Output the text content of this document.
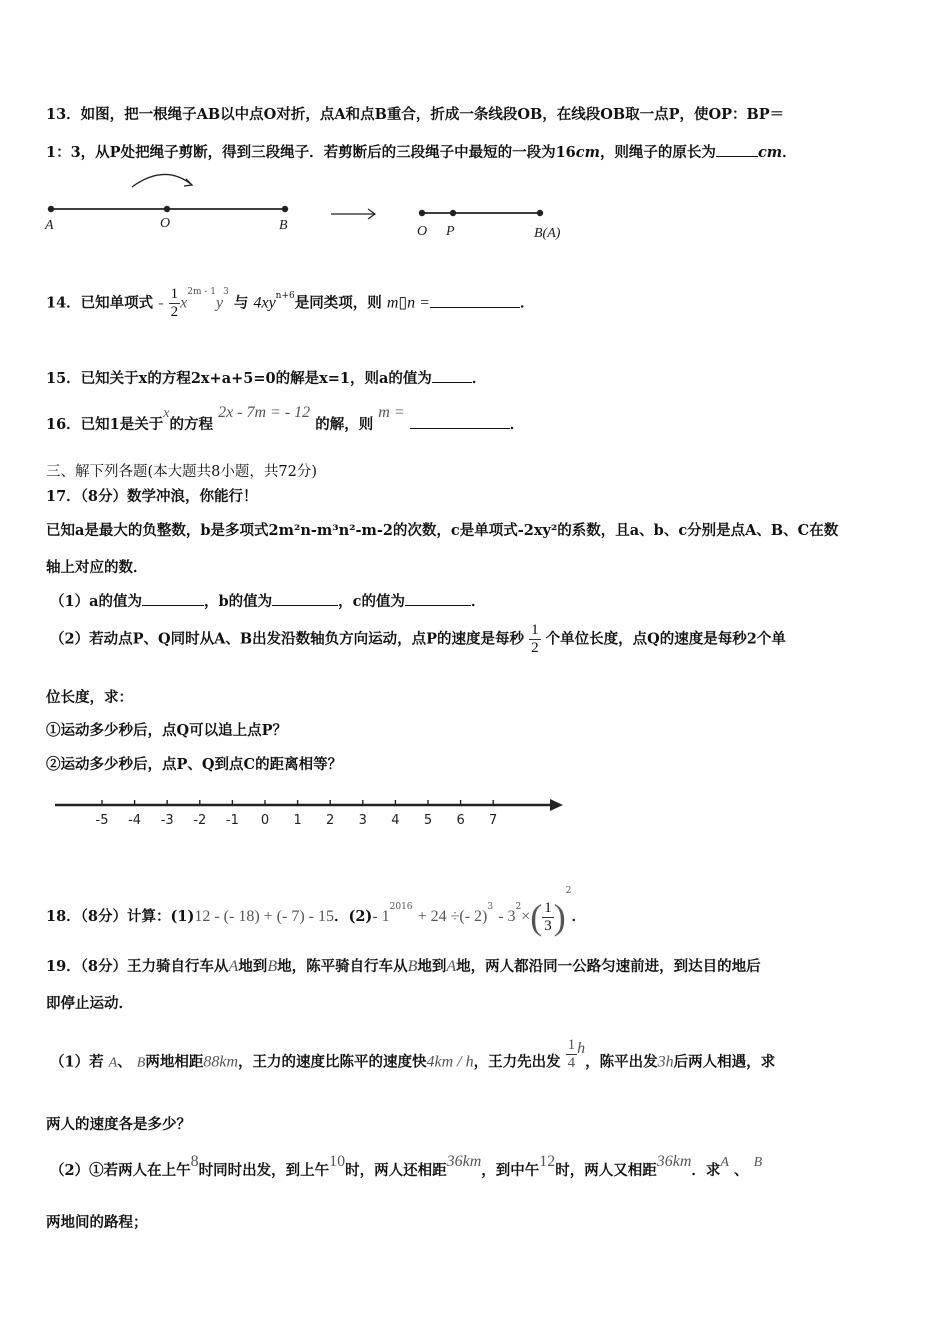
13．如图，把一根绳子AB以中点O对折，点A和点B重合，折成一条线段OB，在线段OB取一点P，使OP：BP＝
1：3，从P处把绳子剪断，得到三段绳子．若剪断后的三段绳子中最短的一段为16cm，则绳子的原长为	cm．
A	O	B	O P	B(A)
14．已知单项式 - $\frac{1}{2} x^{2m - 1}y^3$ 与 $4xy^{n+6}$是同类项，则 m▯n =	．
15．已知关于x的方程2x+a+5=0的解是x=1，则a的值为	．
16．已知1是关于x的方程 2x - 7m = - 12 的解，则 m = ．
三、解下列各题(本大题共8小题，共72分)
17．（8分）数学冲浪，你能行！
已知a是最大的负整数，b是多项式2m²n-m³n²-m-2的次数，c是单项式-2xy²的系数，且a、b、c分别是点A、B、C在数
轴上对应的数．
（1）a的值为	，b的值为	，c的值为	．
（2）若动点P、Q同时从A、B出发沿数轴负方向运动，点P的速度是每秒 $\frac{1}{2}$ 个单位长度，点Q的速度是每秒2个单
位长度，求：
①运动多少秒后，点Q可以追上点P？
②运动多少秒后，点P、Q到点C的距离相等？
-5 -4 -3 -2 -1 0 1 2 3 4 5 6 7
18．（8分）计算：(1)12 - (- 18) + (- 7) - 15．(2)- $1^{2016} + 24$ ÷(- $2)^3 - 3^2\times( \frac{1}{3} )^2$．
19．（8分）王力骑自行车从A地到B地，陈平骑自行车从B地到A地，两人都沿同一公路匀速前进，到达目的地后
即停止运动．
（1）若 A、 B两地相距88km，王力的速度比陈平的速度快4km / h，王力先出发 $\frac{1}{4}$ h，陈平出发3h后两人相遇，求
两人的速度各是多少？
（2）①若两人在上午8时同时出发，到上午10时，两人还相距36km，到中午12时，两人又相距36km．求A 、 B
两地间的路程；
